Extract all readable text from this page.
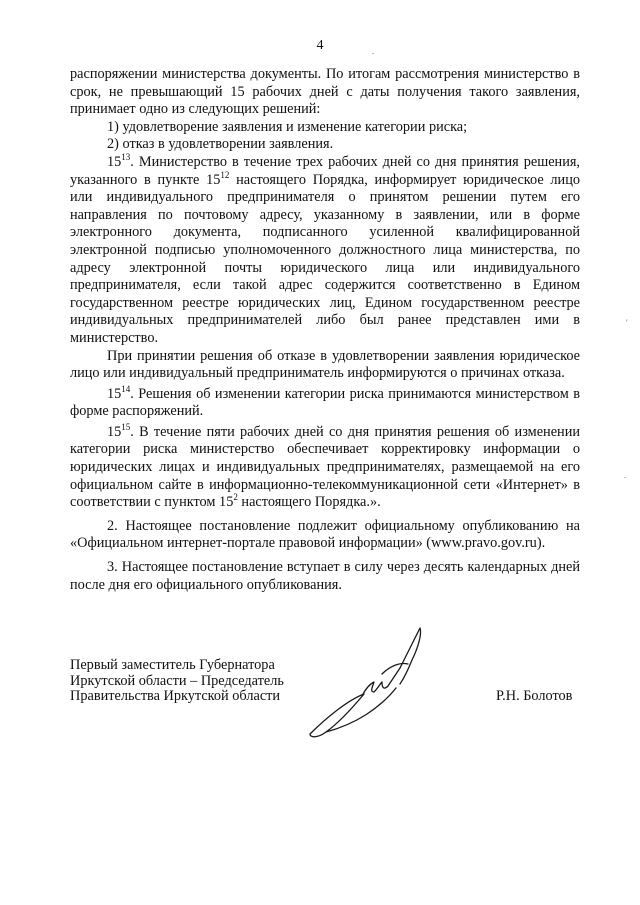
4

распоряжении министерства документы. По итогам рассмотрения министерство в срок, не превышающий 15 рабочих дней с даты получения такого заявления, принимает одно из следующих решений:

1) удовлетворение заявления и изменение категории риска;

2) отказ в удовлетворении заявления.

$15^{13}$. Министерство в течение трех рабочих дней со дня принятия решения, указанного в пункте $15^{12}$ настоящего Порядка, информирует юридическое лицо или индивидуального предпринимателя о принятом решении путем его направления по почтовому адресу, указанному в заявлении, или в форме электронного документа, подписанного усиленной квалифицированной электронной подписью уполномоченного должностного лица министерства, по адресу электронной почты юридического лица или индивидуального предпринимателя, если такой адрес содержится соответственно в Едином государственном реестре юридических лиц, Едином государственном реестре индивидуальных предпринимателей либо был ранее представлен ими в министерство.

При принятии решения об отказе в удовлетворении заявления юридическое лицо или индивидуальный предприниматель информируются о причинах отказа.

$15^{14}$. Решения об изменении категории риска принимаются министерством в форме распоряжений.

$15^{15}$. В течение пяти рабочих дней со дня принятия решения об изменении категории риска министерство обеспечивает корректировку информации о юридических лицах и индивидуальных предпринимателях, размещаемой на его официальном сайте в информационно-телекоммуникационной сети «Интернет» в соответствии с пунктом $15^2$ настоящего Порядка.».

2. Настоящее постановление подлежит официальному опубликованию на «Официальном интернет-портале правовой информации» (www.pravo.gov.ru).

3. Настоящее постановление вступает в силу через десять календарных дней после дня его официального опубликования.

Первый заместитель Губернатора
Иркутской области – Председатель
Правительства Иркутской области	Р.Н. Болотов
.
'
.
